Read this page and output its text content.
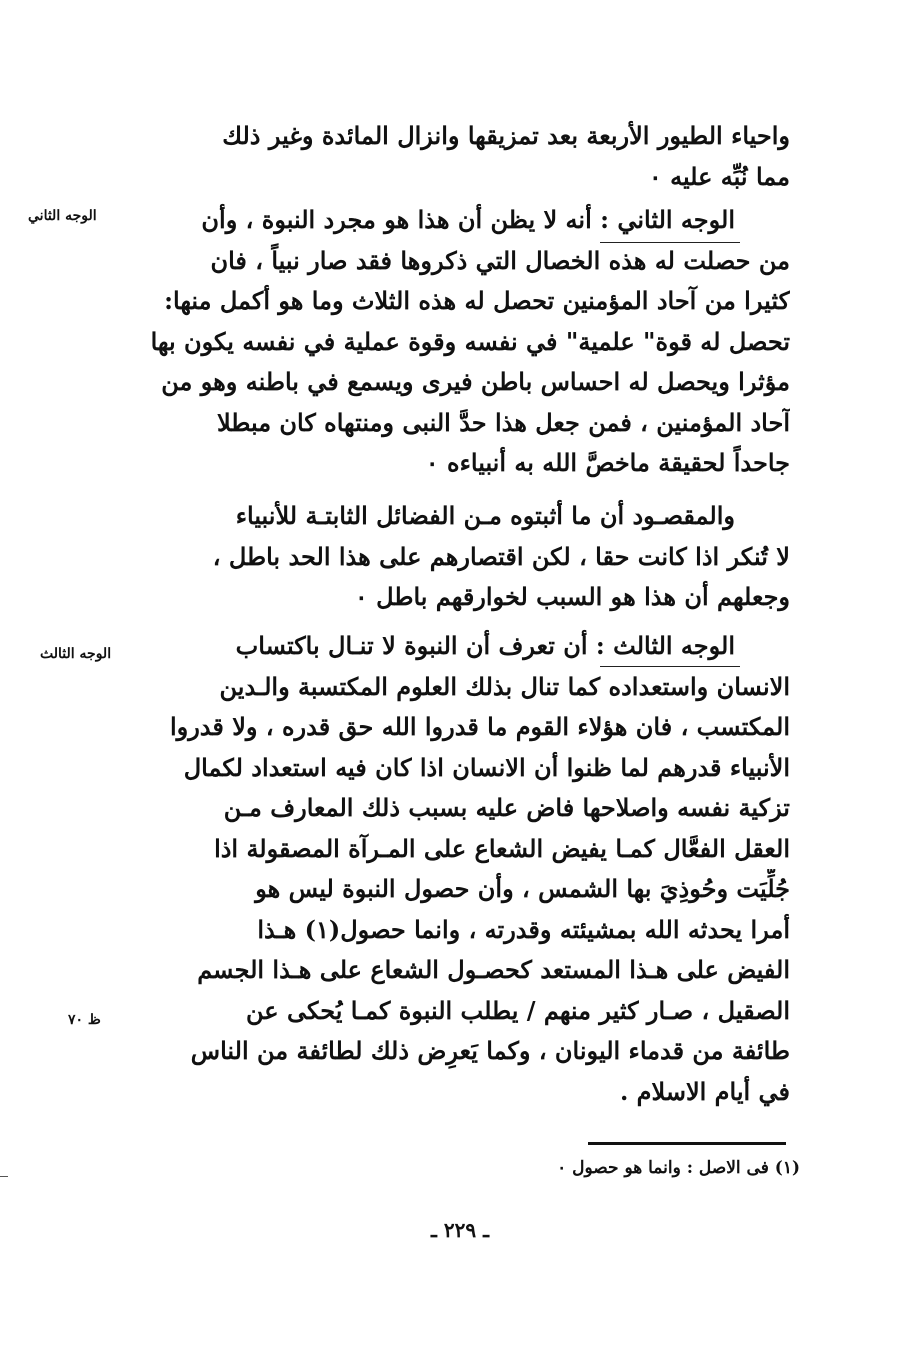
واحياء الطيور الأربعة بعد تمزيقها وانزال المائدة وغير ذلك
مما نُبِّه عليه ٠
الوجه الثاني : أنه لا يظن أن هذا هو مجرد النبوة ، وأن
من حصلت له هذه الخصال التي ذكروها فقد صار نبياً ، فان
كثيرا من آحاد المؤمنين تحصل له هذه الثلاث وما هو أكمل منها:
تحصل له قوة" علمية" في نفسه وقوة عملية في نفسه يكون بها
مؤثرا ويحصل له احساس باطن فيرى ويسمع في باطنه وهو من
آحاد المؤمنين ، فمن جعل هذا حدَّ النبى ومنتهاه كان مبطلا
جاحداً لحقيقة ماخصَّ الله به أنبياءه ٠
والمقصـود أن ما أثبتوه مـن الفضائل الثابتـة للأنبياء
لا تُنكر اذا كانت حقا ، لكن اقتصارهم على هذا الحد باطل ،
وجعلهم أن هذا هو السبب لخوارقهم باطل ٠
الوجه الثالث : أن تعرف أن النبوة لا تنـال باكتساب
الانسان واستعداده كما تنال بذلك العلوم المكتسبة والـدين
المكتسب ، فان هؤلاء القوم ما قدروا الله حق قدره ، ولا قدروا
الأنبياء قدرهم لما ظنوا أن الانسان اذا كان فيه استعداد لكمال
تزكية نفسه واصلاحها فاض عليه بسبب ذلك المعارف مـن
العقل الفعَّال كمـا يفيض الشعاع على المـرآة المصقولة اذا
جُلِّيَت وحُوذِيَ بها الشمس ، وأن حصول النبوة ليس هو
أمرا يحدثه الله بمشيئته وقدرته ، وانما حصول(١) هـذا
الفيض على هـذا المستعد كحصـول الشعاع على هـذا الجسم
الصقيل ، صـار كثير منهم / يطلب النبوة كمـا يُحكى عن
طائفة من قدماء اليونان ، وكما يَعرِض ذلك لطائفة من الناس
في أيام الاسلام .
الوجه الثاني
الوجه الثالث
ظ ٧٠
(١) فى الاصل : وانما هو حصول ٠
ـ ٢٢٩ ـ
